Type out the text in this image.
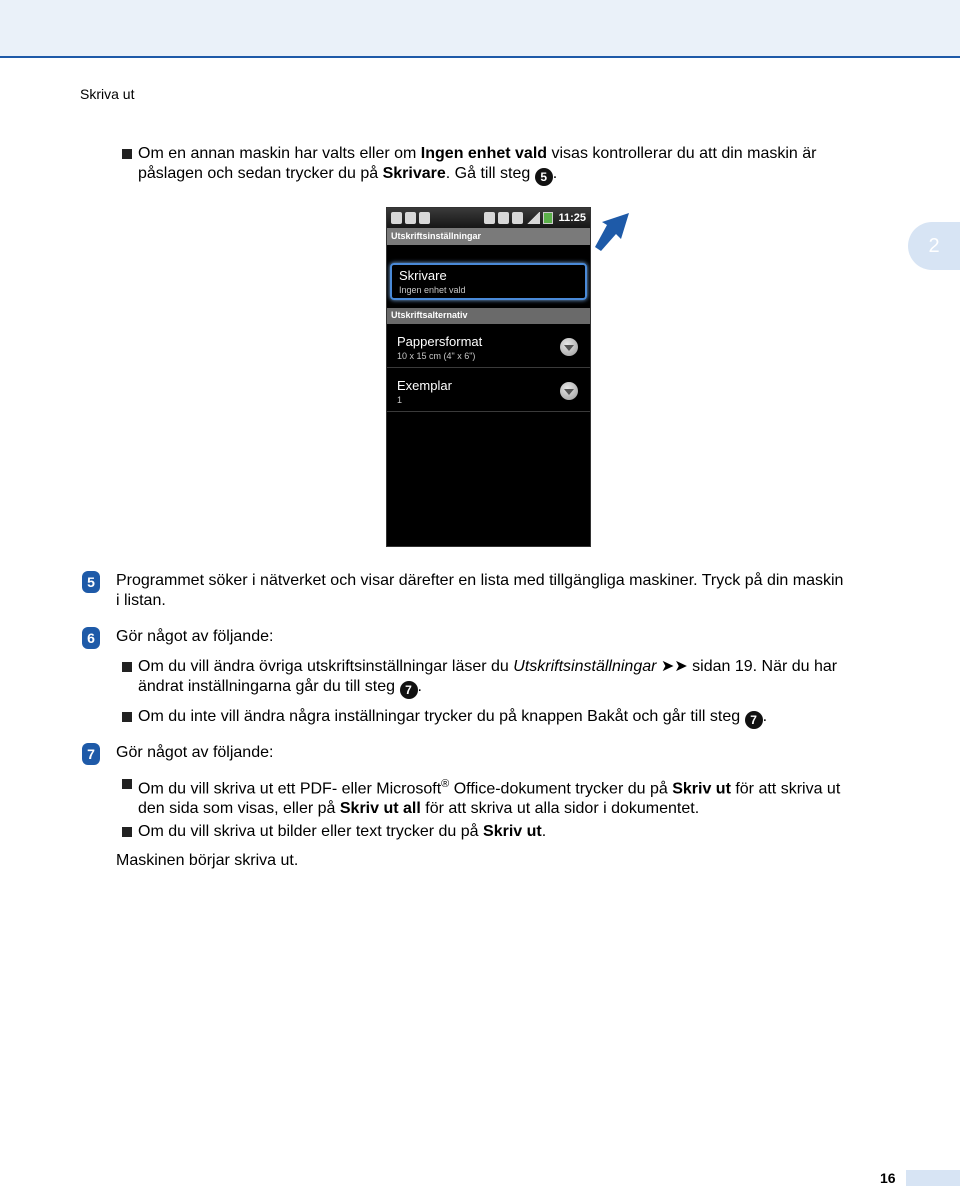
Skriva ut
2
Om en annan maskin har valts eller om Ingen enhet vald visas kontrollerar du att din maskin är
påslagen och sedan trycker du på Skrivare. Gå till steg 5 .
11:25
Utskriftsinställningar
Skrivare
Ingen enhet vald
Utskriftsalternativ
Pappersformat
10 x 15 cm (4" x 6")
Exemplar
1
5	Programmet söker i nätverket och visar därefter en lista med tillgängliga maskiner. Tryck på din maskin
i listan.
6	Gör något av följande:
Om du vill ändra övriga utskriftsinställningar läser du Utskriftsinställningar ➤➤ sidan 19. När du har
ändrat inställningarna går du till steg 7 .
Om du inte vill ändra några inställningar trycker du på knappen Bakåt och går till steg 7 .
7	Gör något av följande:
Om du vill skriva ut ett PDF- eller Microsoft® Office-dokument trycker du på Skriv ut för att skriva ut
den sida som visas, eller på Skriv ut all för att skriva ut alla sidor i dokumentet.
Om du vill skriva ut bilder eller text trycker du på Skriv ut.
Maskinen börjar skriva ut.
16
